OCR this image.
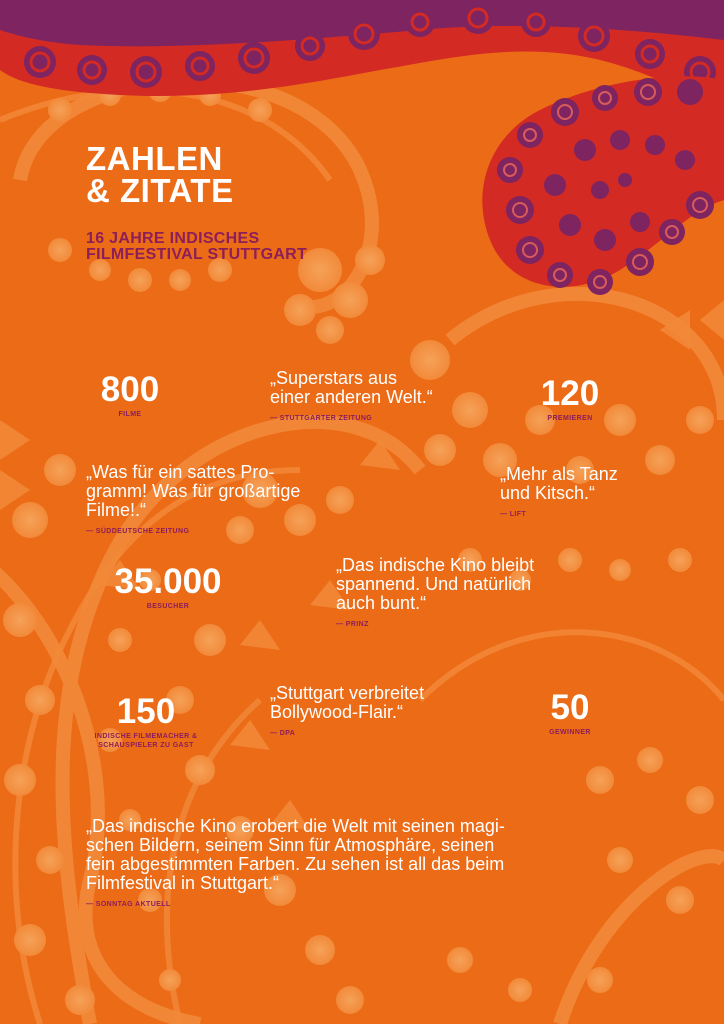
ZAHLEN
& ZITATE

16 JAHRE INDISCHES
FILMFESTIVAL STUTTGART

800
FILME
120
PREMIEREN
35.000
BESUCHER
150
INDISCHE FILMEMACHER & SCHAUSPIELER ZU GAST
50
GEWINNER
„Superstars aus
einer anderen Welt.“
— STUTTGARTER ZEITUNG
„Was für ein sattes Pro-
gramm! Was für großartige
Filme!.“
— SÜDDEUTSCHE ZEITUNG
„Mehr als Tanz
und Kitsch.“
— LIFT
„Das indische Kino bleibt
spannend. Und natürlich
auch bunt.“
— PRINZ
„Stuttgart verbreitet
Bollywood-Flair.“
— DPA
„Das indische Kino erobert die Welt mit seinen magi-
schen Bildern, seinem Sinn für Atmosphäre, seinen
fein abgestimmten Farben. Zu sehen ist all das beim
Filmfestival in Stuttgart.“
— SONNTAG AKTUELL
